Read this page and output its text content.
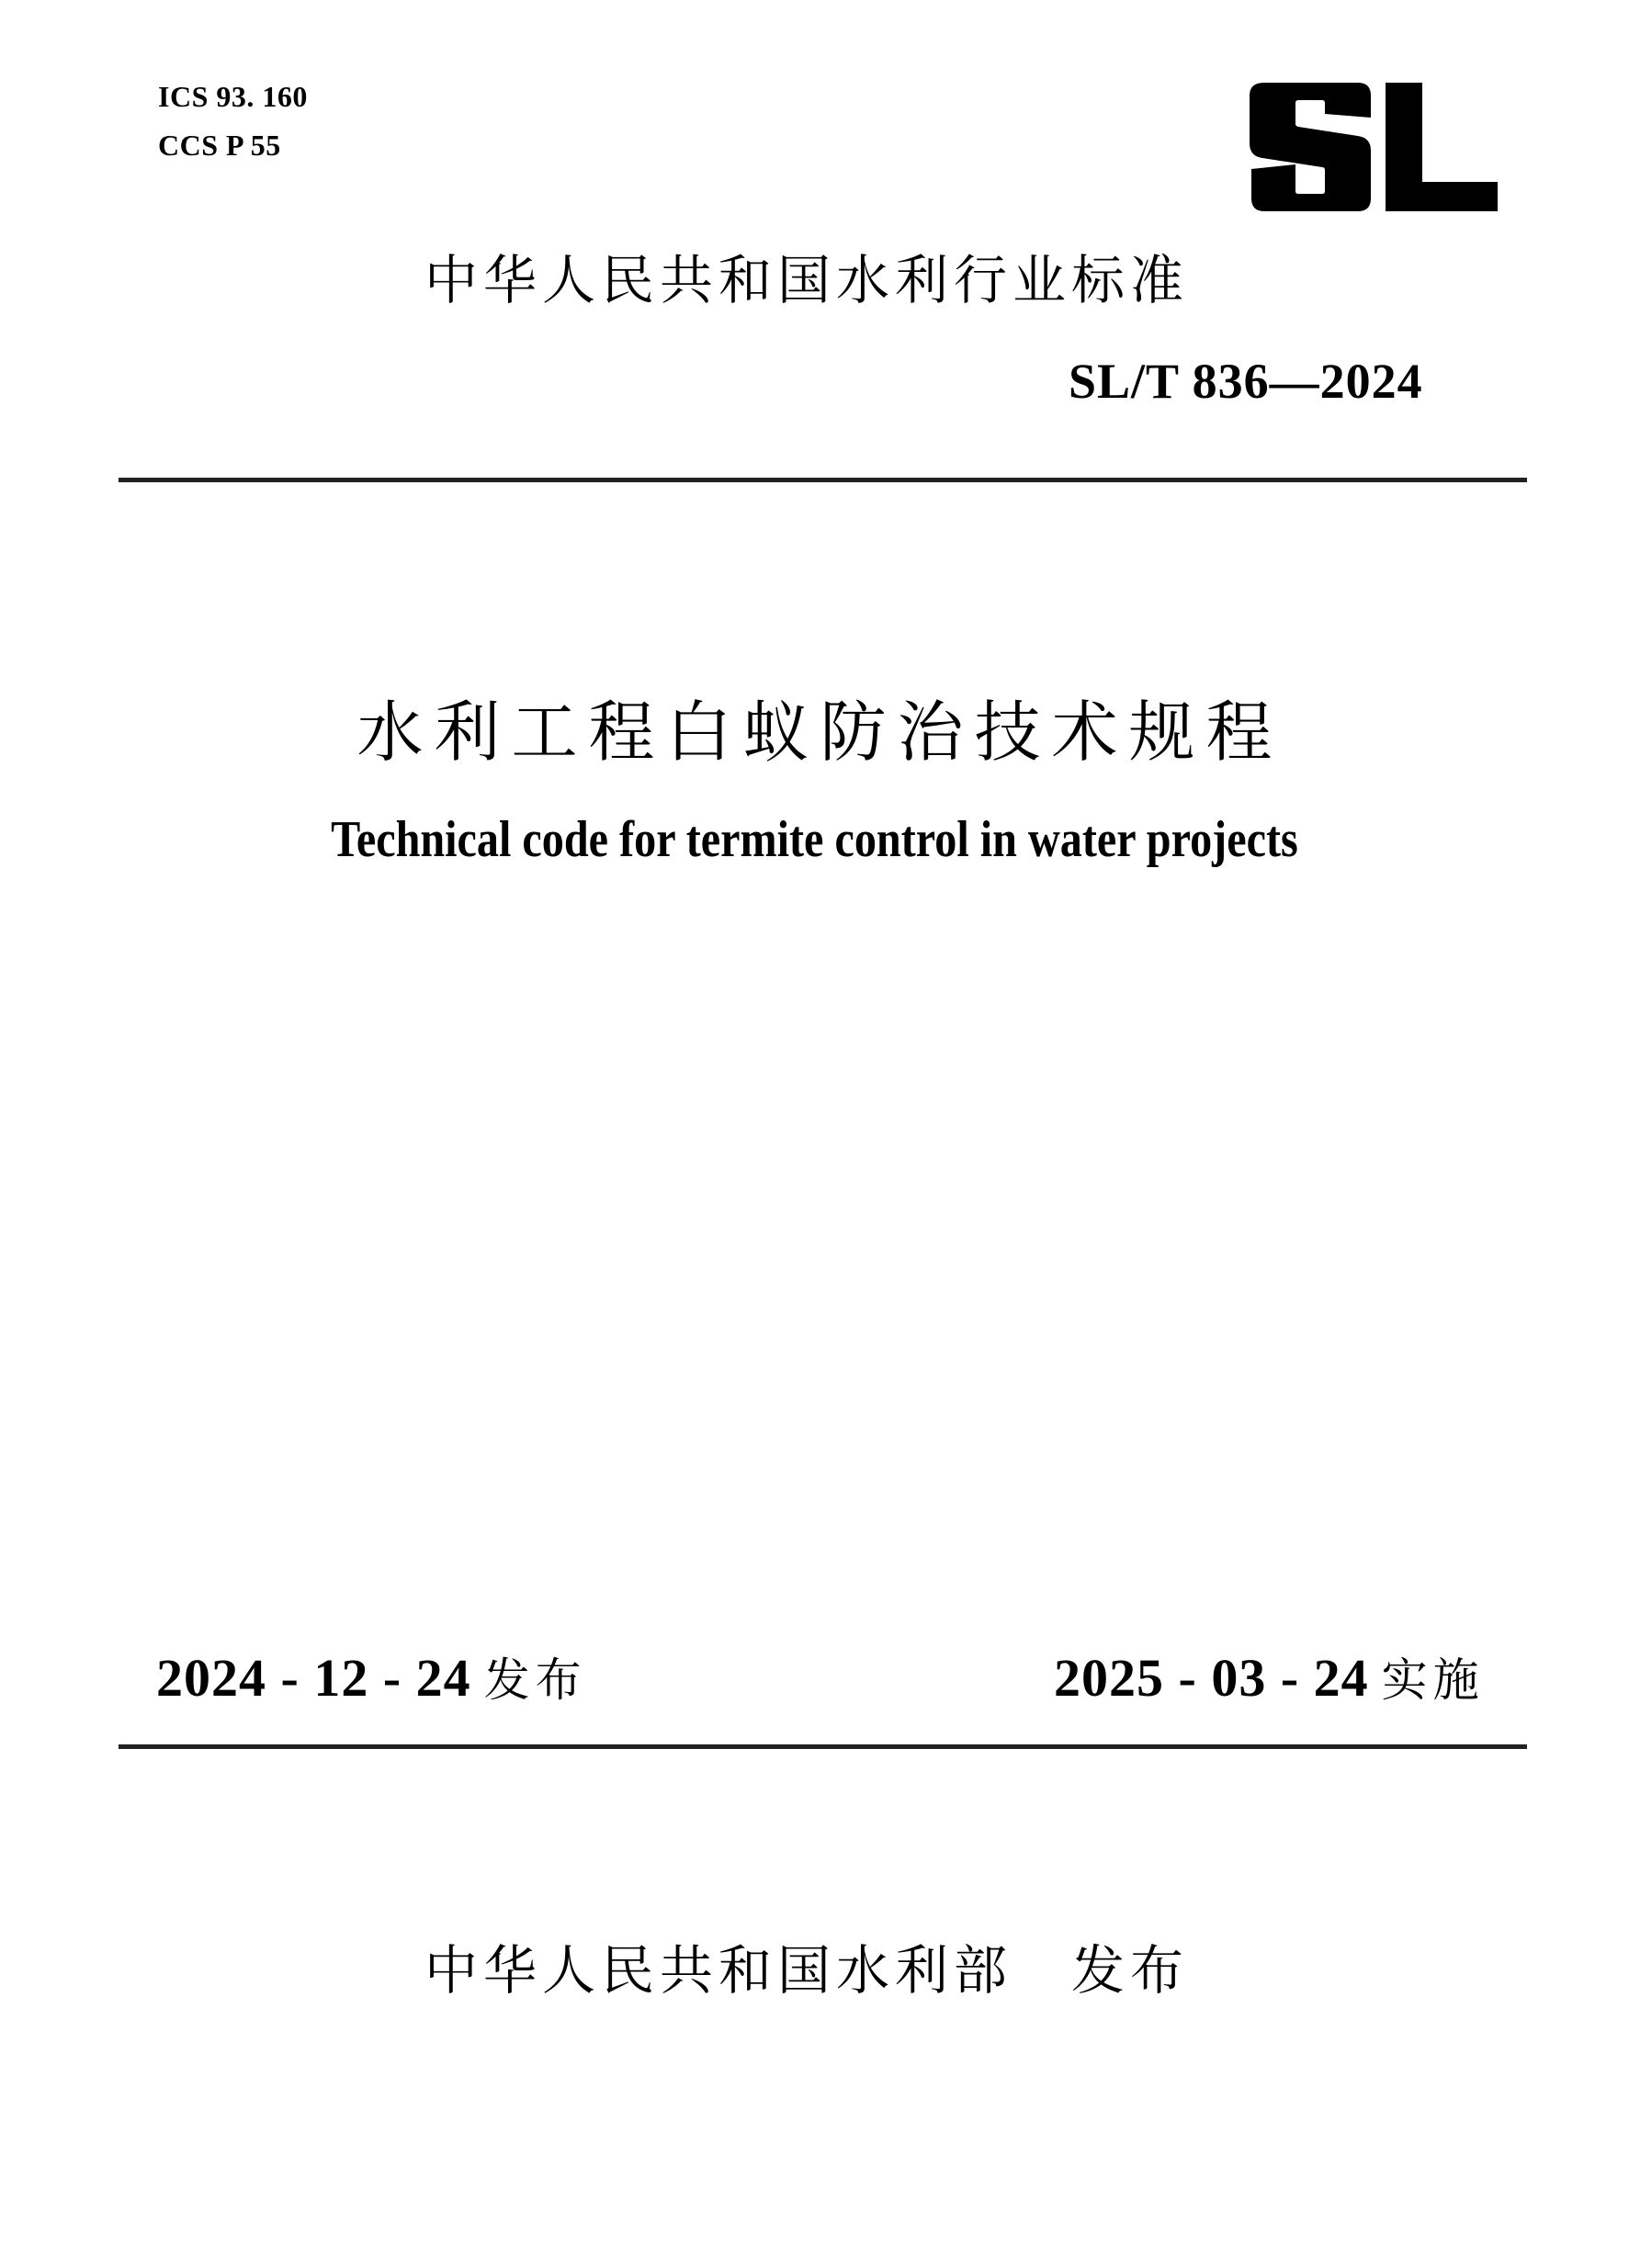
ICS 93. 160
CCS P 55
中华人民共和国水利行业标准
SL/T 836—2024
水利工程白蚁防治技术规程
Technical code for termite control in water projects
2024 - 12 - 24 发布	2025 - 03 - 24 实施
中华人民共和国水利部 发布
